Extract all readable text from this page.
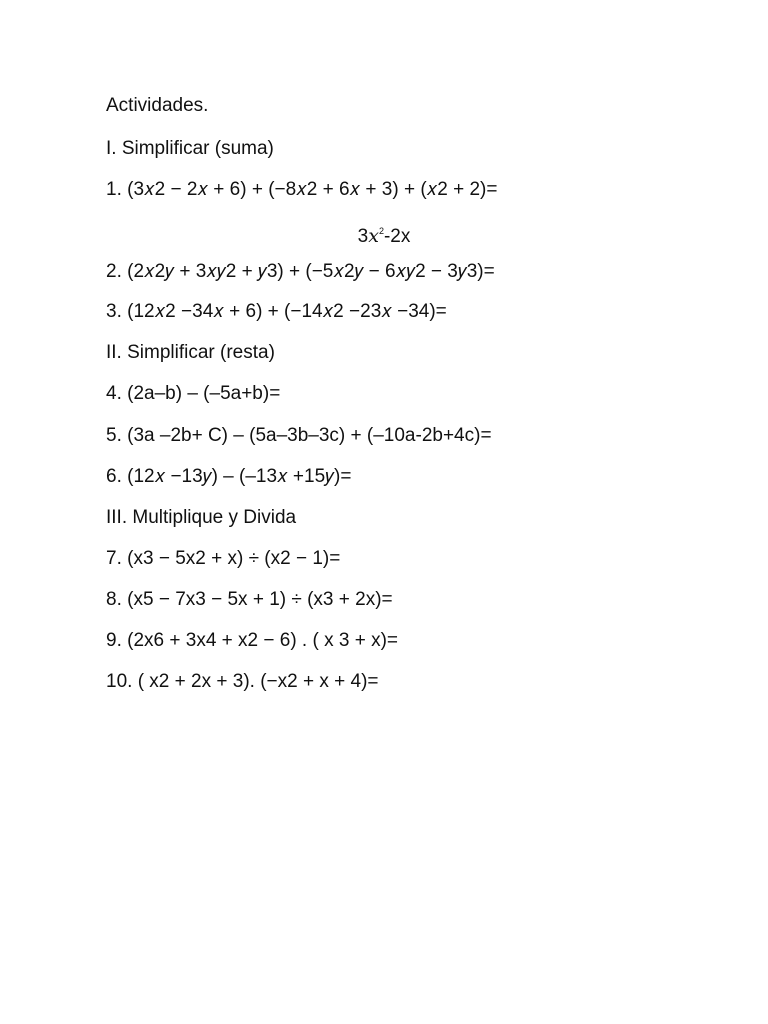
Actividades.
I. Simplificar (suma)
1. (3𝑥2 − 2𝑥 + 6) + (−8𝑥2 + 6𝑥 + 3) + (𝑥2 + 2)=
$3x^2-2x$
2. (2𝑥2𝑦 + 3𝑥𝑦2 + 𝑦3) + (−5𝑥2𝑦 − 6𝑥𝑦2 − 3𝑦3)=
3. (12𝑥2 −34𝑥 + 6) + (−14𝑥2 −23𝑥 −34)=
II. Simplificar (resta)
4. (2a–b) – (–5a+b)=
5. (3a –2b+ C) – (5a–3b–3c) + (–10a-2b+4c)=
6. (12𝑥 −13𝑦) – (–13𝑥 +15𝑦)=
III. Multiplique y Divida
7. (x3 − 5x2 + x) ÷ (x2 − 1)=
8. (x5 − 7x3 − 5x + 1) ÷ (x3 + 2x)=
9. (2x6 + 3x4 + x2 − 6) . ( x 3 + x)=
10. ( x2 + 2x + 3). (−x2 + x + 4)=
